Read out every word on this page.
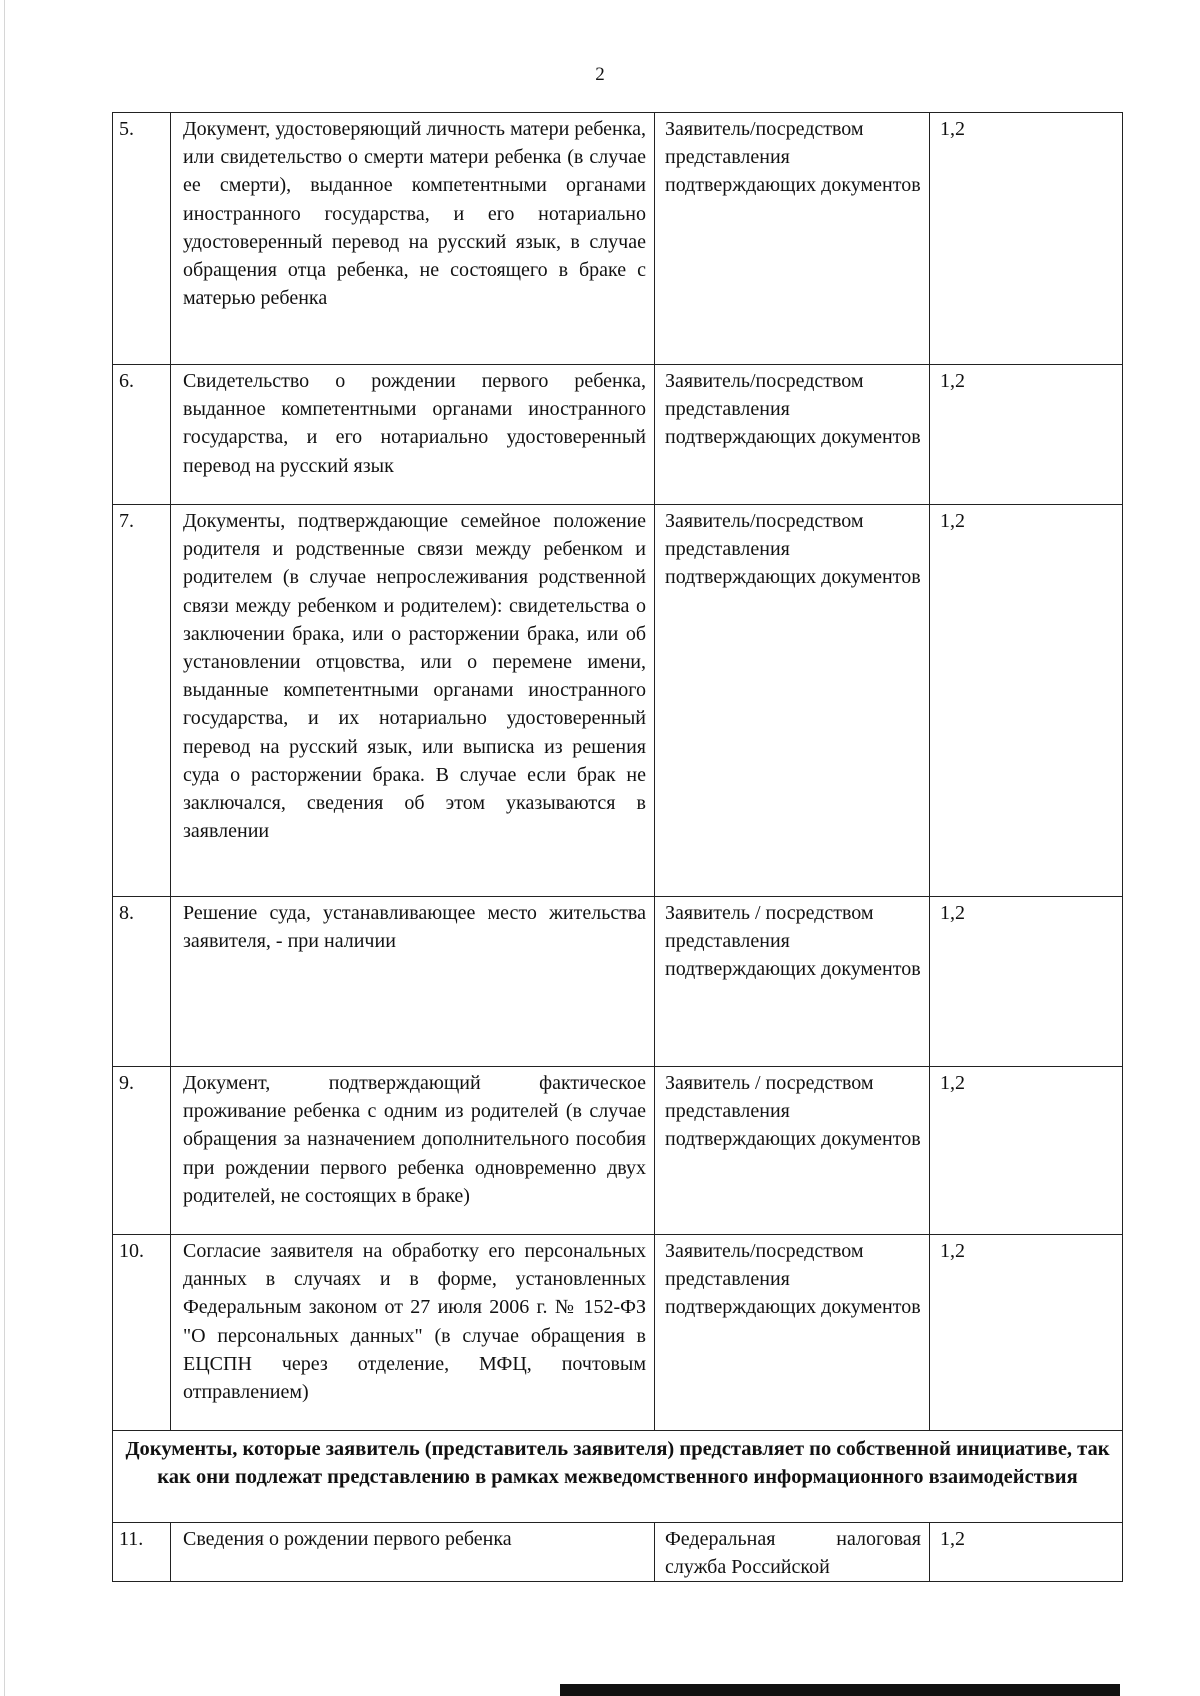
2
5.	Документ, удостоверяющий личность матери ребенка, или свидетельство о смерти матери ребенка (в случае ее смерти), выданное компетентными органами иностранного государства, и его нотариально удостоверенный перевод на русский язык, в случае обращения отца ребенка, не состоящего в браке с матерью ребенка	Заявитель/посредством представления подтверждающих документов	1,2
6.	Свидетельство о рождении первого ребенка, выданное компетентными органами иностранного государства, и его нотариально удостоверенный перевод на русский язык	Заявитель/посредством представления подтверждающих документов	1,2
7.	Документы, подтверждающие семейное положение родителя и родственные связи между ребенком и родителем (в случае непрослеживания родственной связи между ребенком и родителем): свидетельства о заключении брака, или о расторжении брака, или об установлении отцовства, или о перемене имени, выданные компетентными органами иностранного государства, и их нотариально удостоверенный перевод на русский язык, или выписка из решения суда о расторжении брака. В случае если брак не заключался, сведения об этом указываются в заявлении	Заявитель/посредством представления подтверждающих документов	1,2
8.	Решение суда, устанавливающее место жительства заявителя, - при наличии	Заявитель / посредством представления подтверждающих документов	1,2
9.	Документ, подтверждающий фактическое проживание ребенка с одним из родителей (в случае обращения за назначением дополнительного пособия при рождении первого ребенка одновременно двух родителей, не состоящих в браке)	Заявитель / посредством представления подтверждающих документов	1,2
10.	Согласие заявителя на обработку его персональных данных в случаях и в форме, установленных Федеральным законом от 27 июля 2006 г. № 152-ФЗ "О персональных данных" (в случае обращения в ЕЦСПН через отделение, МФЦ, почтовым отправлением)	Заявитель/посредством представления подтверждающих документов	1,2
Документы, которые заявитель (представитель заявителя) представляет по собственной инициативе, так как они подлежат представлению в рамках межведомственного информационного взаимодействия			
11.	Сведения о рождении первого ребенка	Федеральная налоговая служба Российской	1,2
